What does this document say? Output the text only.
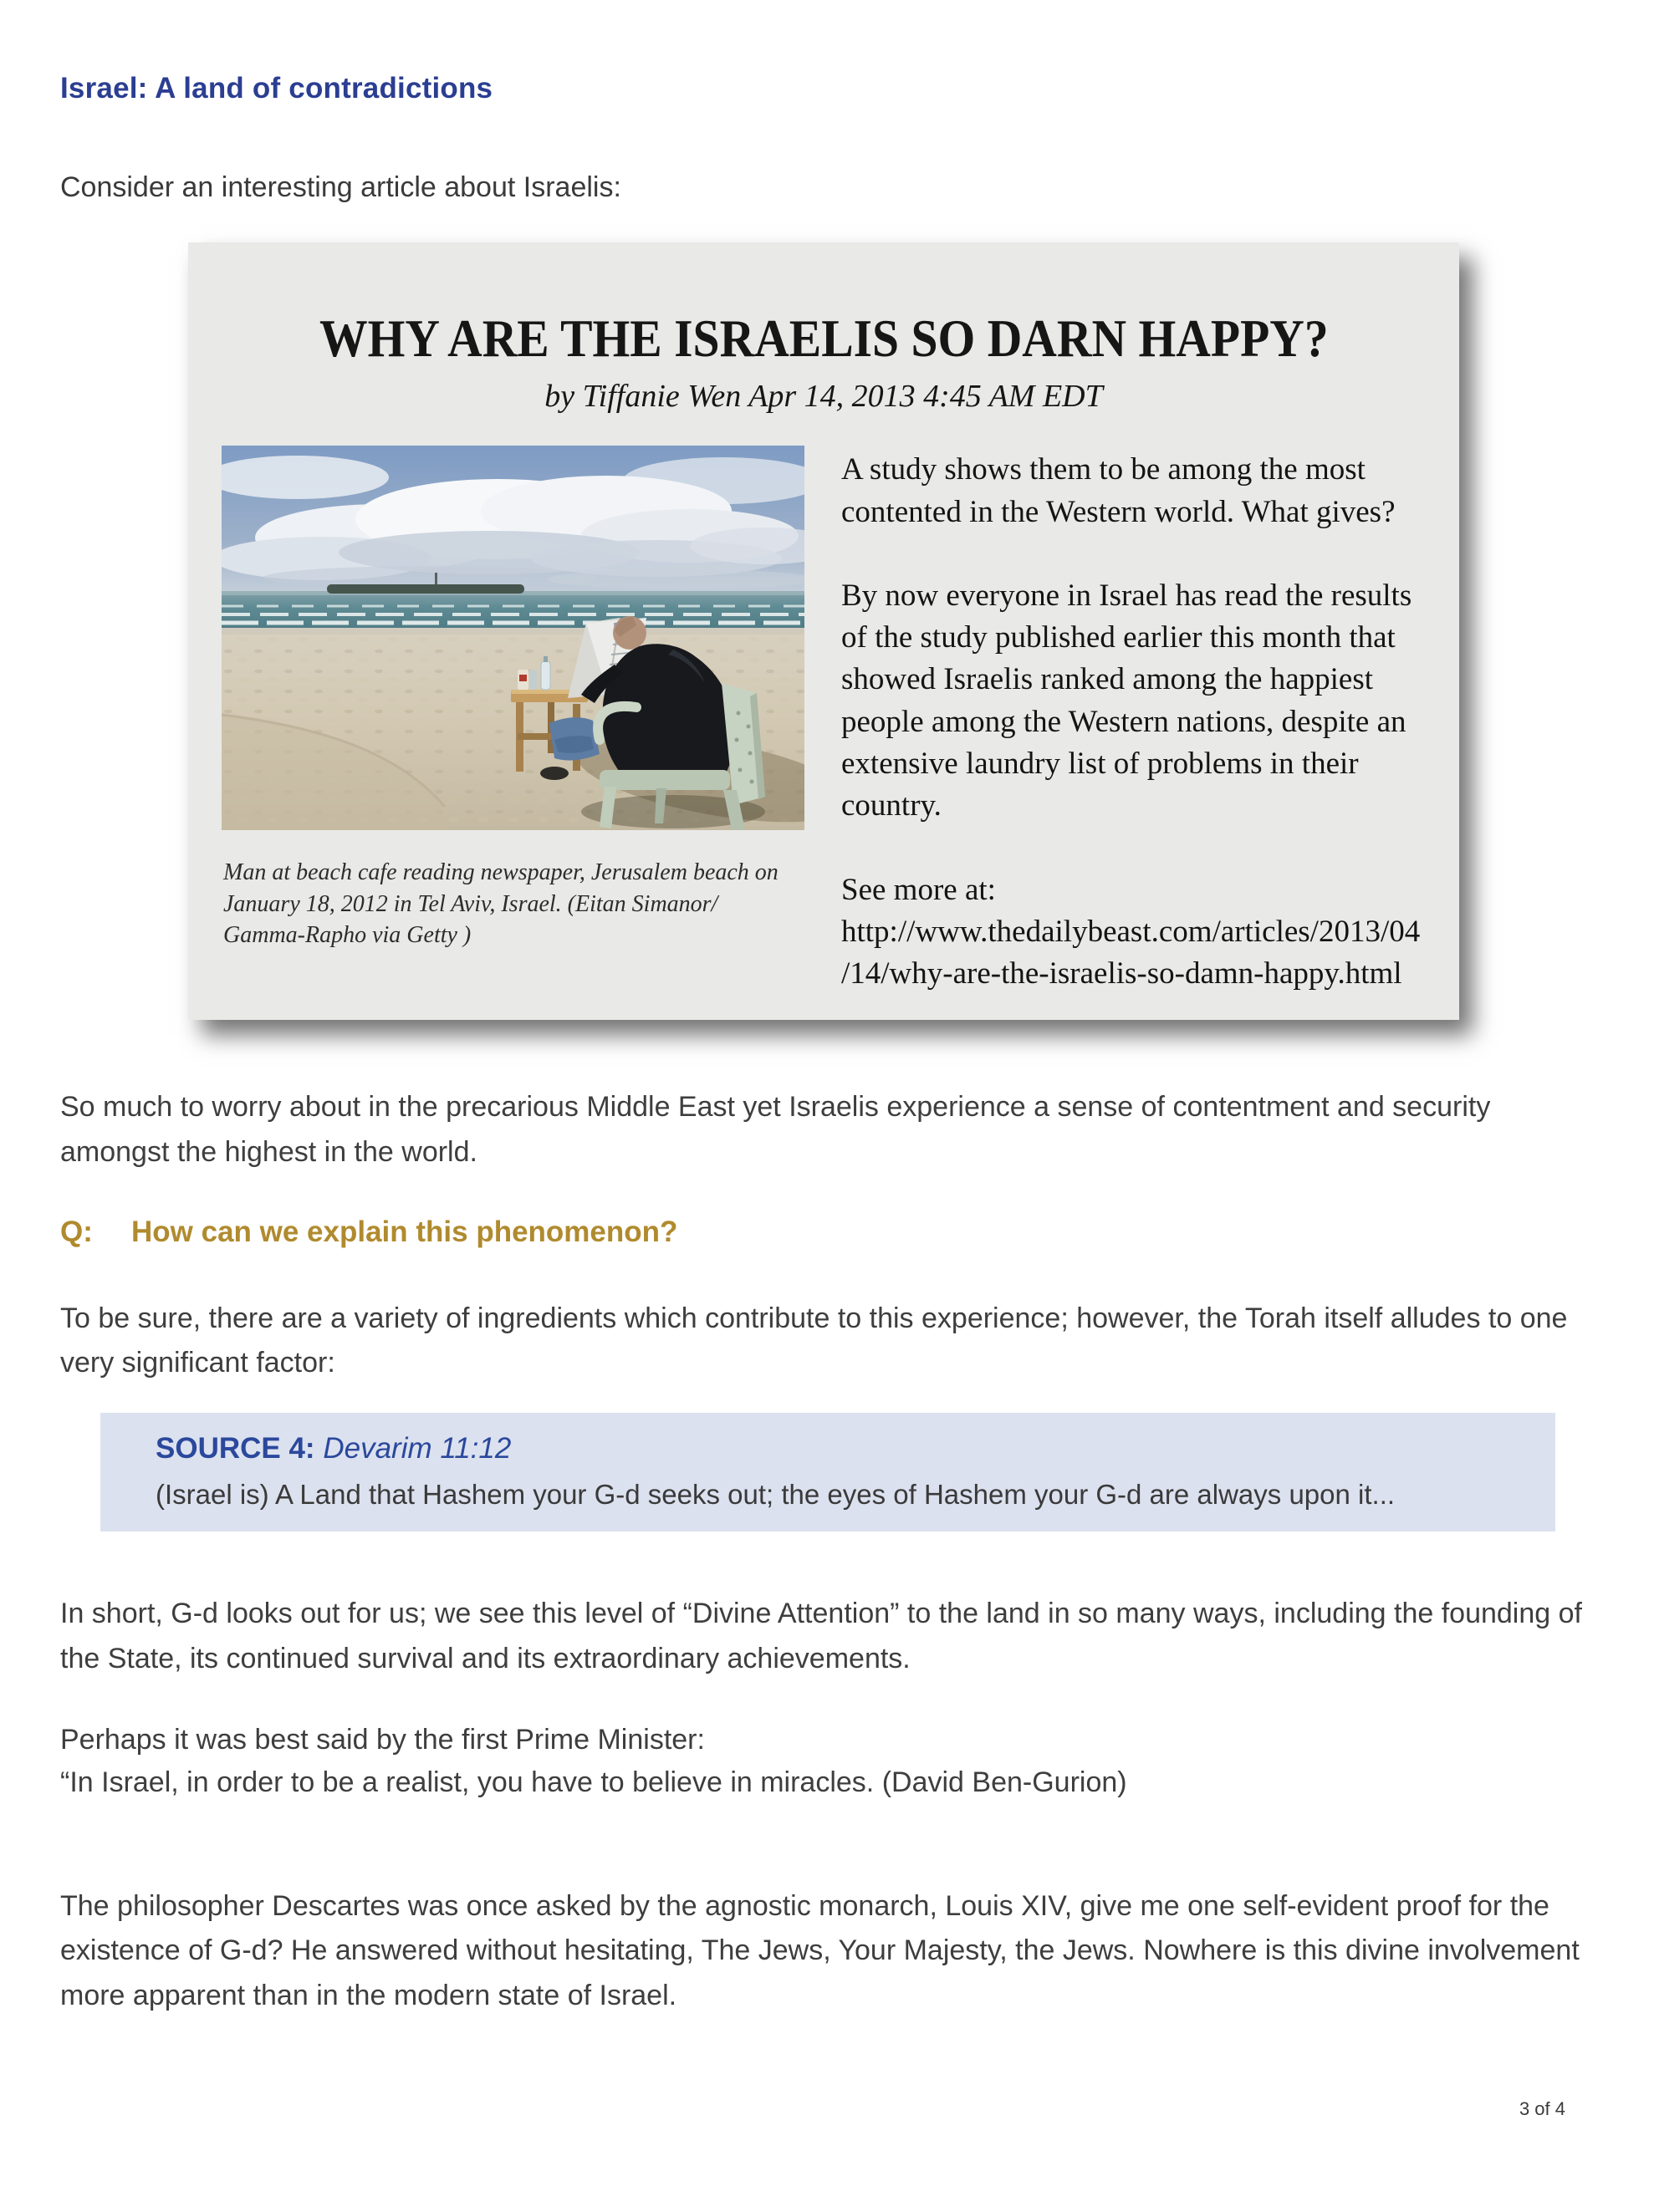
Israel: A land of contradictions
Consider an interesting article about Israelis:
WHY ARE THE ISRAELIS SO DARN HAPPY?
by Tiffanie Wen Apr 14, 2013 4:45 AM EDT
Man at beach cafe reading newspaper, Jerusalem beach on January 18, 2012 in Tel Aviv, Israel. (Eitan Simanor/ Gamma-Rapho via Getty )

A study shows them to be among the most contented in the Western world. What gives?

By now everyone in Israel has read the results of the study published earlier this month that showed Israelis ranked among the happiest people among the Western nations, despite an extensive laundry list of problems in their country.

See more at: http://www.thedailybeast.com/articles/2013/04/14/why-are-the-israelis-so-damn-happy.html

So much to worry about in the precarious Middle East yet Israelis experience a sense of contentment and security amongst the highest in the world.

Q:	How can we explain this phenomenon?

To be sure, there are a variety of ingredients which contribute to this experience; however, the Torah itself alludes to one very significant factor:

SOURCE 4: Devarim 11:12
(Israel is) A Land that Hashem your G-d seeks out; the eyes of Hashem your G-d are always upon it...

In short, G-d looks out for us; we see this level of “Divine Attention” to the land in so many ways, including the founding of the State, its continued survival and its extraordinary achievements.

Perhaps it was best said by the first Prime Minister:
“In Israel, in order to be a realist, you have to believe in miracles. (David Ben-Gurion)

The philosopher Descartes was once asked by the agnostic monarch, Louis XIV, give me one self-evident proof for the existence of G-d? He answered without hesitating, The Jews, Your Majesty, the Jews. Nowhere is this divine involvement more apparent than in the modern state of Israel.

3 of 4
